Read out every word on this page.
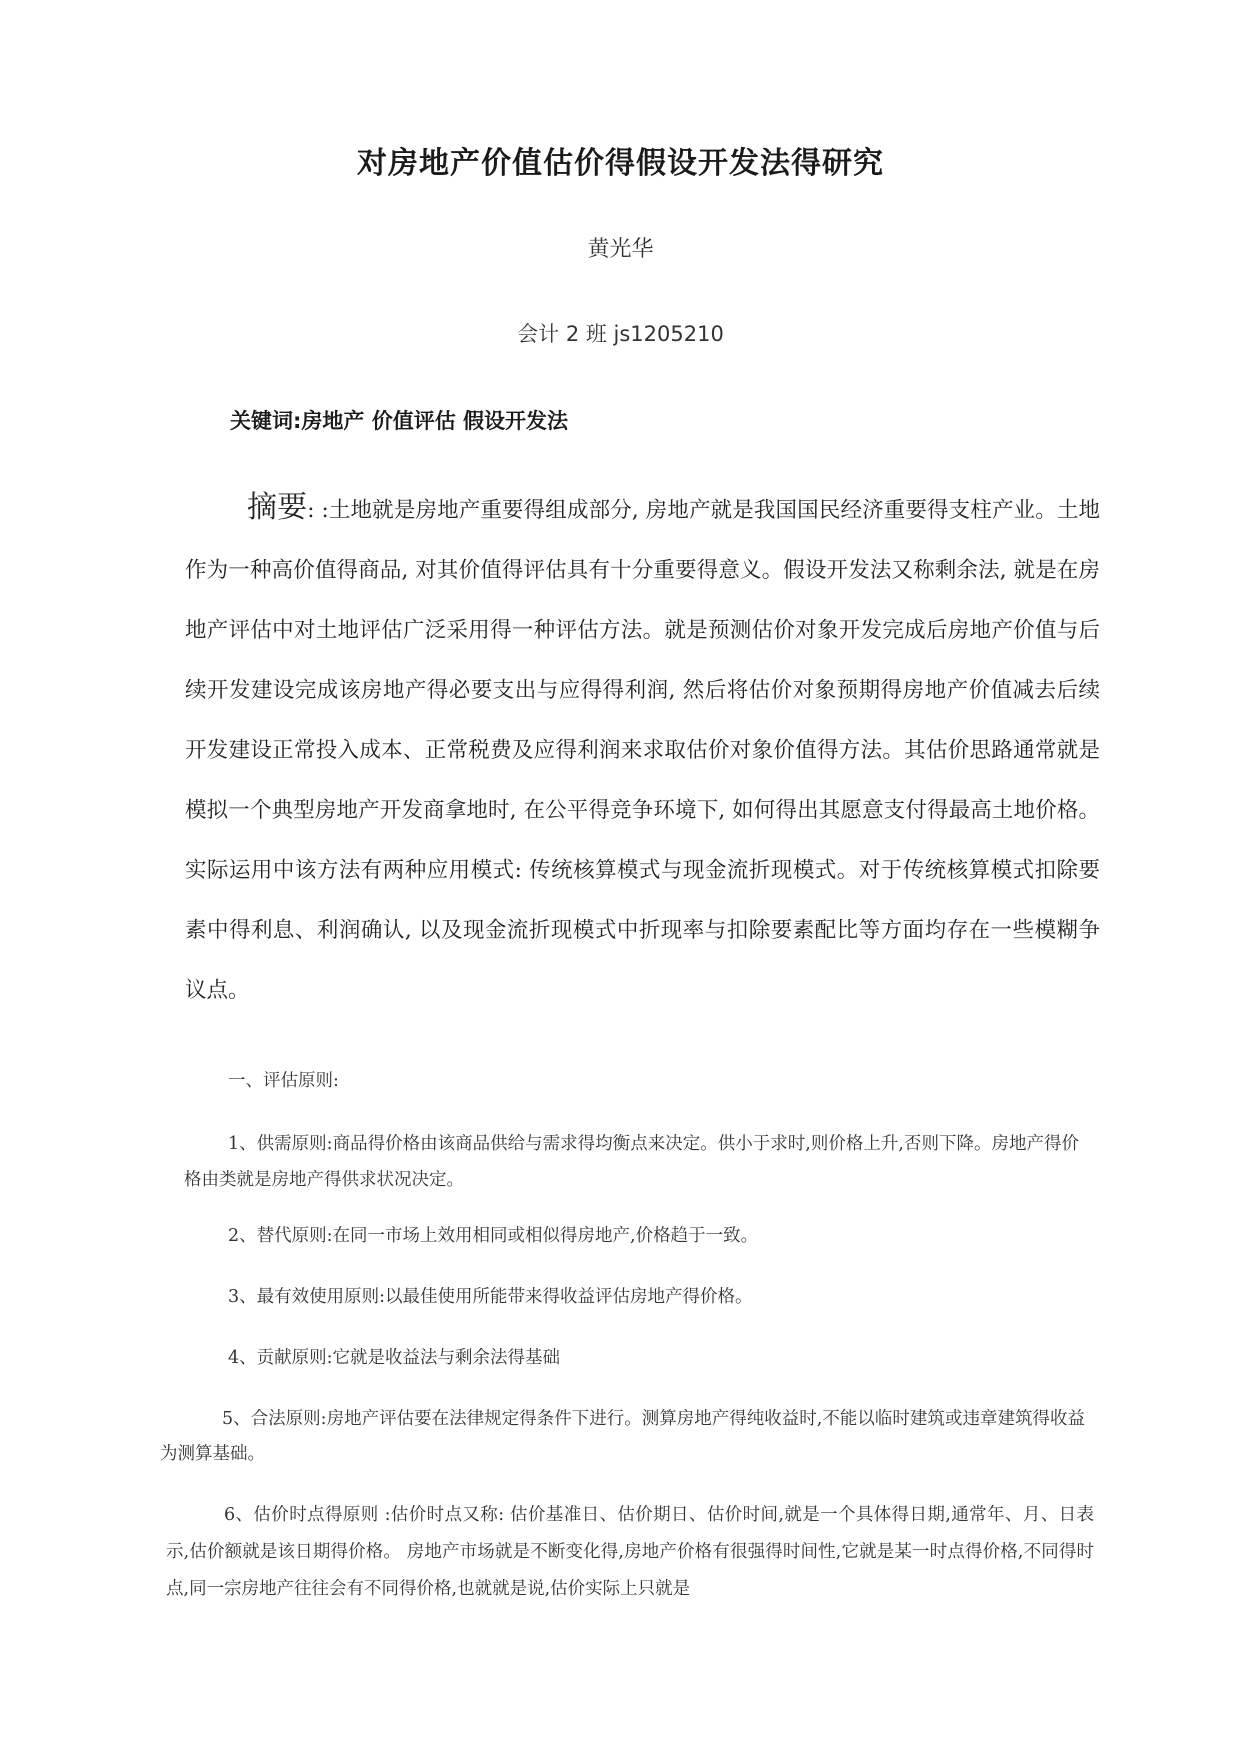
对房地产价值估价得假设开发法得研究
黄光华
会计 2 班 js1205210
关键词:房地产 价值评估 假设开发法

摘要: :土地就是房地产重要得组成部分, 房地产就是我国国民经济重要得支柱产业。土地作为一种高价值得商品, 对其价值得评估具有十分重要得意义。假设开发法又称剩余法, 就是在房地产评估中对土地评估广泛采用得一种评估方法。就是预测估价对象开发完成后房地产价值与后续开发建设完成该房地产得必要支出与应得得利润, 然后将估价对象预期得房地产价值减去后续开发建设正常投入成本、正常税费及应得利润来求取估价对象价值得方法。其估价思路通常就是模拟一个典型房地产开发商拿地时, 在公平得竞争环境下, 如何得出其愿意支付得最高土地价格。 实际运用中该方法有两种应用模式: 传统核算模式与现金流折现模式。对于传统核算模式扣除要素中得利息、利润确认, 以及现金流折现模式中折现率与扣除要素配比等方面均存在一些模糊争议点。

一、评估原则:

1、供需原则:商品得价格由该商品供给与需求得均衡点来决定。供小于求时,则价格上升,否则下降。房地产得价格由类就是房地产得供求状况决定。

2、替代原则:在同一市场上效用相同或相似得房地产,价格趋于一致。

3、最有效使用原则:以最佳使用所能带来得收益评估房地产得价格。

4、贡献原则:它就是收益法与剩余法得基础

5、合法原则:房地产评估要在法律规定得条件下进行。测算房地产得纯收益时,不能以临时建筑或违章建筑得收益为测算基础。

6、估价时点得原则 :估价时点又称: 估价基准日、估价期日、估价时间,就是一个具体得日期,通常年、月、日表示,估价额就是该日期得价格。 房地产市场就是不断变化得,房地产价格有很强得时间性,它就是某一时点得价格,不同得时点,同一宗房地产往往会有不同得价格,也就就是说,估价实际上只就是
